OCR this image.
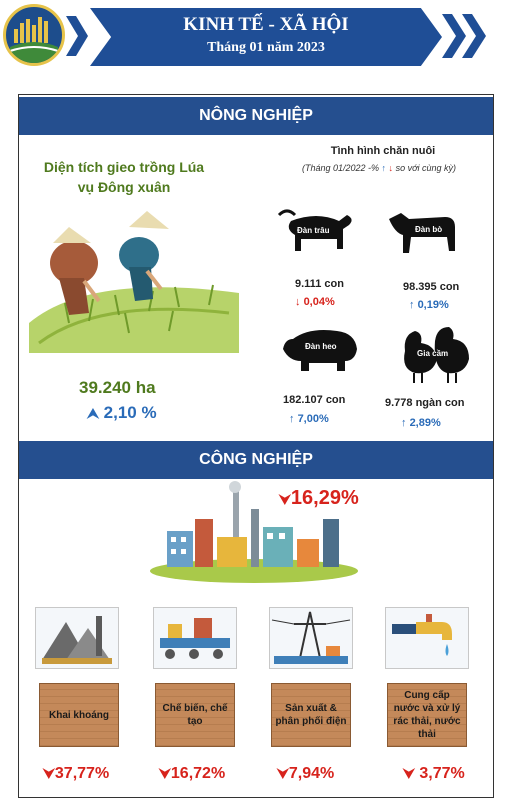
KINH TẾ - XÃ HỘI
Tháng 01 năm 2023
NÔNG NGHIỆP
Diện tích gieo trồng Lúa
vụ Đông xuân
39.240 ha
⮝ 2,10 %
Tình hình chăn nuôi
(Tháng 01/2022 -% ↑ ↓ so với cùng kỳ)
Đàn trâu
9.111 con
↓ 0,04%
Đàn bò
98.395 con
↑ 0,19%
Đàn heo
182.107 con
↑ 7,00%
Gia cầm
9.778 ngàn con
↑ 2,89%
CÔNG NGHIỆP
⮟16,29%
Khai khoáng
Chế biến, chế tạo
Sản xuất & phân phối điện
Cung cấp nước và xử lý rác thải, nước thải
⮟37,77%	⮟16,72%	⮟7,94%	⮟ 3,77%
